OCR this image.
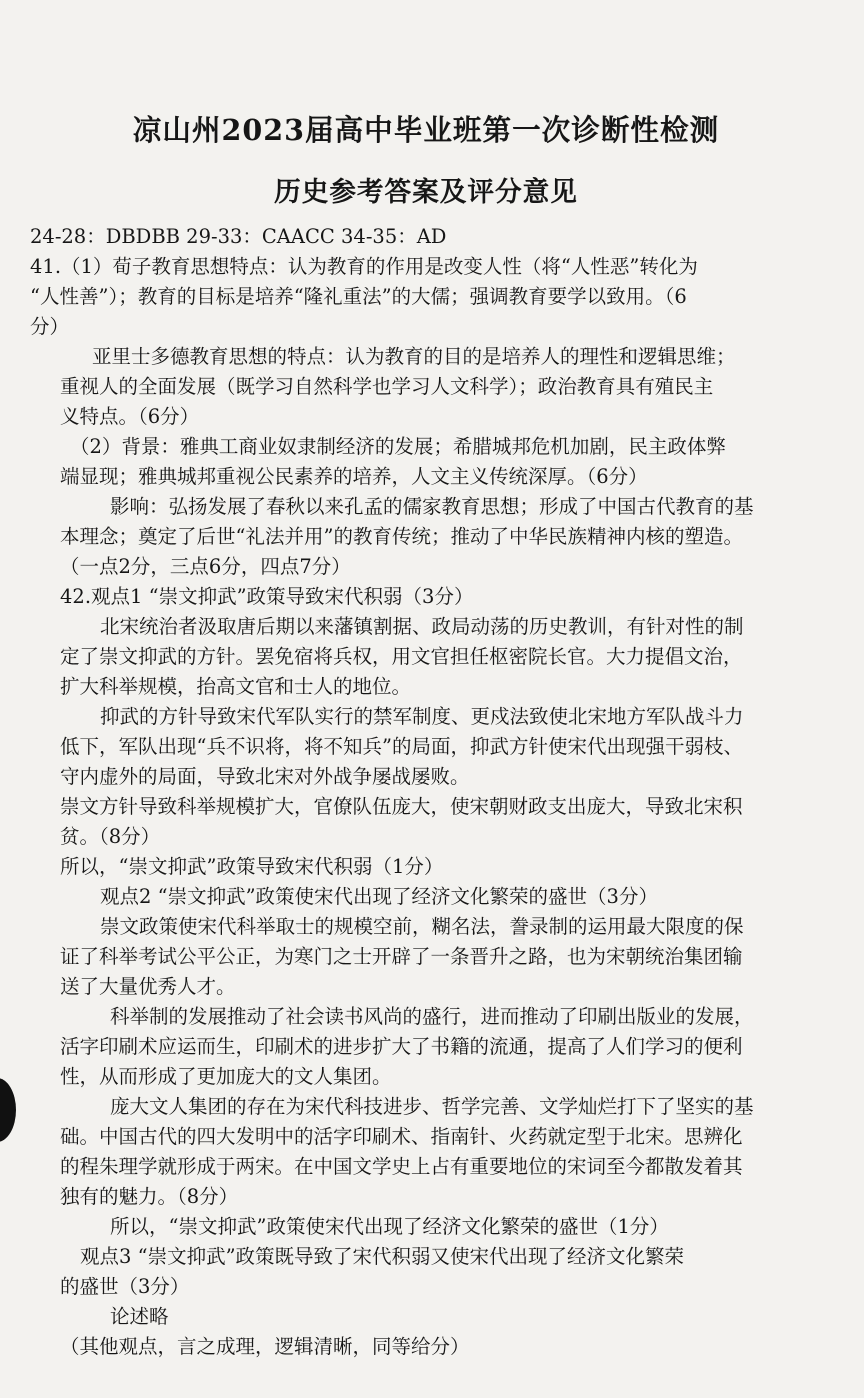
凉山州2023届高中毕业班第一次诊断性检测
历史参考答案及评分意见
24-28：DBDBB 29-33：CAACC 34-35：AD
41.（1）荀子教育思想特点：认为教育的作用是改变人性（将“人性恶”转化为
“人性善”）；教育的目标是培养“隆礼重法”的大儒；强调教育要学以致用。（6
分）
亚里士多德教育思想的特点：认为教育的目的是培养人的理性和逻辑思维；
重视人的全面发展（既学习自然科学也学习人文科学）；政治教育具有殖民主
义特点。（6分）
（2）背景：雅典工商业奴隶制经济的发展；希腊城邦危机加剧，民主政体弊
端显现；雅典城邦重视公民素养的培养，人文主义传统深厚。（6分）
影响：弘扬发展了春秋以来孔孟的儒家教育思想；形成了中国古代教育的基
本理念；奠定了后世“礼法并用”的教育传统；推动了中华民族精神内核的塑造。
（一点2分，三点6分，四点7分）
42.观点1 “崇文抑武”政策导致宋代积弱（3分）
北宋统治者汲取唐后期以来藩镇割据、政局动荡的历史教训，有针对性的制
定了崇文抑武的方针。罢免宿将兵权，用文官担任枢密院长官。大力提倡文治，
扩大科举规模，抬高文官和士人的地位。
抑武的方针导致宋代军队实行的禁军制度、更戍法致使北宋地方军队战斗力
低下，军队出现“兵不识将，将不知兵”的局面，抑武方针使宋代出现强干弱枝、
守内虚外的局面，导致北宋对外战争屡战屡败。
崇文方针导致科举规模扩大，官僚队伍庞大，使宋朝财政支出庞大，导致北宋积
贫。（8分）
所以，“崇文抑武”政策导致宋代积弱（1分）
观点2 “崇文抑武”政策使宋代出现了经济文化繁荣的盛世（3分）
崇文政策使宋代科举取士的规模空前，糊名法，誊录制的运用最大限度的保
证了科举考试公平公正，为寒门之士开辟了一条晋升之路，也为宋朝统治集团输
送了大量优秀人才。
科举制的发展推动了社会读书风尚的盛行，进而推动了印刷出版业的发展，
活字印刷术应运而生，印刷术的进步扩大了书籍的流通，提高了人们学习的便利
性，从而形成了更加庞大的文人集团。
庞大文人集团的存在为宋代科技进步、哲学完善、文学灿烂打下了坚实的基
础。中国古代的四大发明中的活字印刷术、指南针、火药就定型于北宋。思辨化
的程朱理学就形成于两宋。在中国文学史上占有重要地位的宋词至今都散发着其
独有的魅力。（8分）
所以，“崇文抑武”政策使宋代出现了经济文化繁荣的盛世（1分）
观点3 “崇文抑武”政策既导致了宋代积弱又使宋代出现了经济文化繁荣
的盛世（3分）
论述略
（其他观点，言之成理，逻辑清晰，同等给分）
